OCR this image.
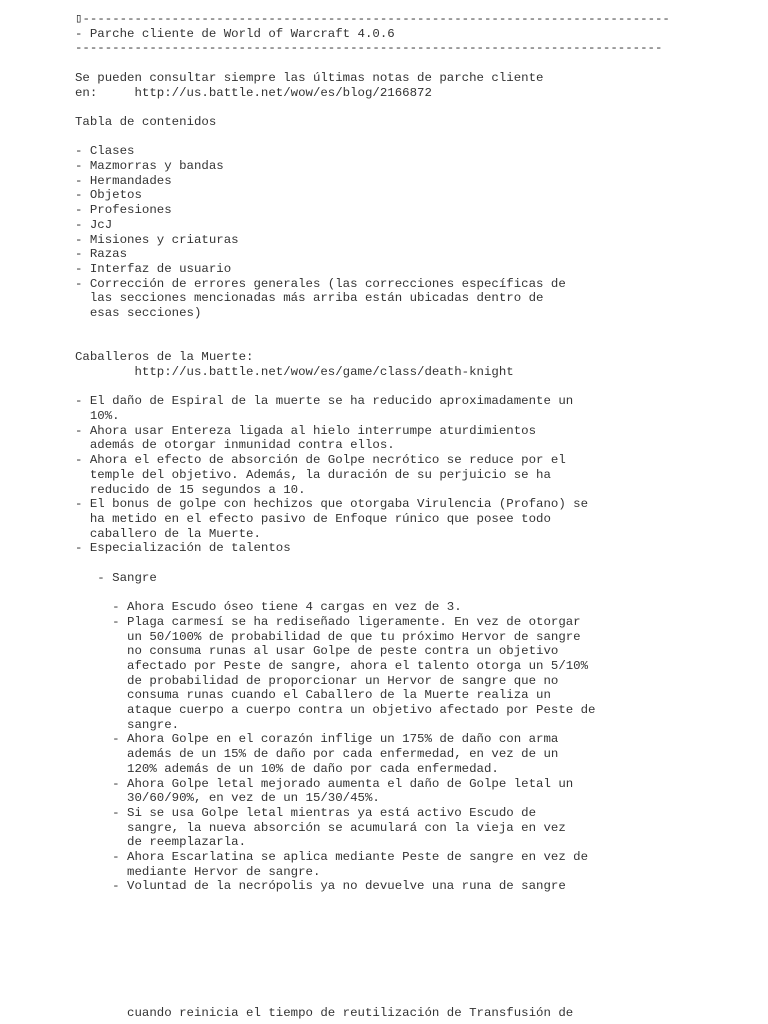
▯-------------------------------------------------------------------------------
- Parche cliente de World of Warcraft 4.0.6
-------------------------------------------------------------------------------

Se pueden consultar siempre las últimas notas de parche cliente
en:     http://us.battle.net/wow/es/blog/2166872

Tabla de contenidos

- Clases
- Mazmorras y bandas
- Hermandades
- Objetos
- Profesiones
- JcJ
- Misiones y criaturas
- Razas
- Interfaz de usuario
- Corrección de errores generales (las correcciones específicas de
las secciones mencionadas más arriba están ubicadas dentro de
esas secciones)

Caballeros de la Muerte:
http://us.battle.net/wow/es/game/class/death-knight

- El daño de Espiral de la muerte se ha reducido aproximadamente un
10%.
- Ahora usar Entereza ligada al hielo interrumpe aturdimientos
además de otorgar inmunidad contra ellos.
- Ahora el efecto de absorción de Golpe necrótico se reduce por el
temple del objetivo. Además, la duración de su perjuicio se ha
reducido de 15 segundos a 10.
- El bonus de golpe con hechizos que otorgaba Virulencia (Profano) se
ha metido en el efecto pasivo de Enfoque rúnico que posee todo
caballero de la Muerte.
- Especialización de talentos

- Sangre

- Ahora Escudo óseo tiene 4 cargas en vez de 3.
- Plaga carmesí se ha rediseñado ligeramente. En vez de otorgar
un 50/100% de probabilidad de que tu próximo Hervor de sangre
no consuma runas al usar Golpe de peste contra un objetivo
afectado por Peste de sangre, ahora el talento otorga un 5/10%
de probabilidad de proporcionar un Hervor de sangre que no
consuma runas cuando el Caballero de la Muerte realiza un
ataque cuerpo a cuerpo contra un objetivo afectado por Peste de
sangre.
- Ahora Golpe en el corazón inflige un 175% de daño con arma
además de un 15% de daño por cada enfermedad, en vez de un
120% además de un 10% de daño por cada enfermedad.
- Ahora Golpe letal mejorado aumenta el daño de Golpe letal un
30/60/90%, en vez de un 15/30/45%.
- Si se usa Golpe letal mientras ya está activo Escudo de
sangre, la nueva absorción se acumulará con la vieja en vez
de reemplazarla.
- Ahora Escarlatina se aplica mediante Peste de sangre en vez de
mediante Hervor de sangre.
- Voluntad de la necrópolis ya no devuelve una runa de sangre

cuando reinicia el tiempo de reutilización de Transfusión de
